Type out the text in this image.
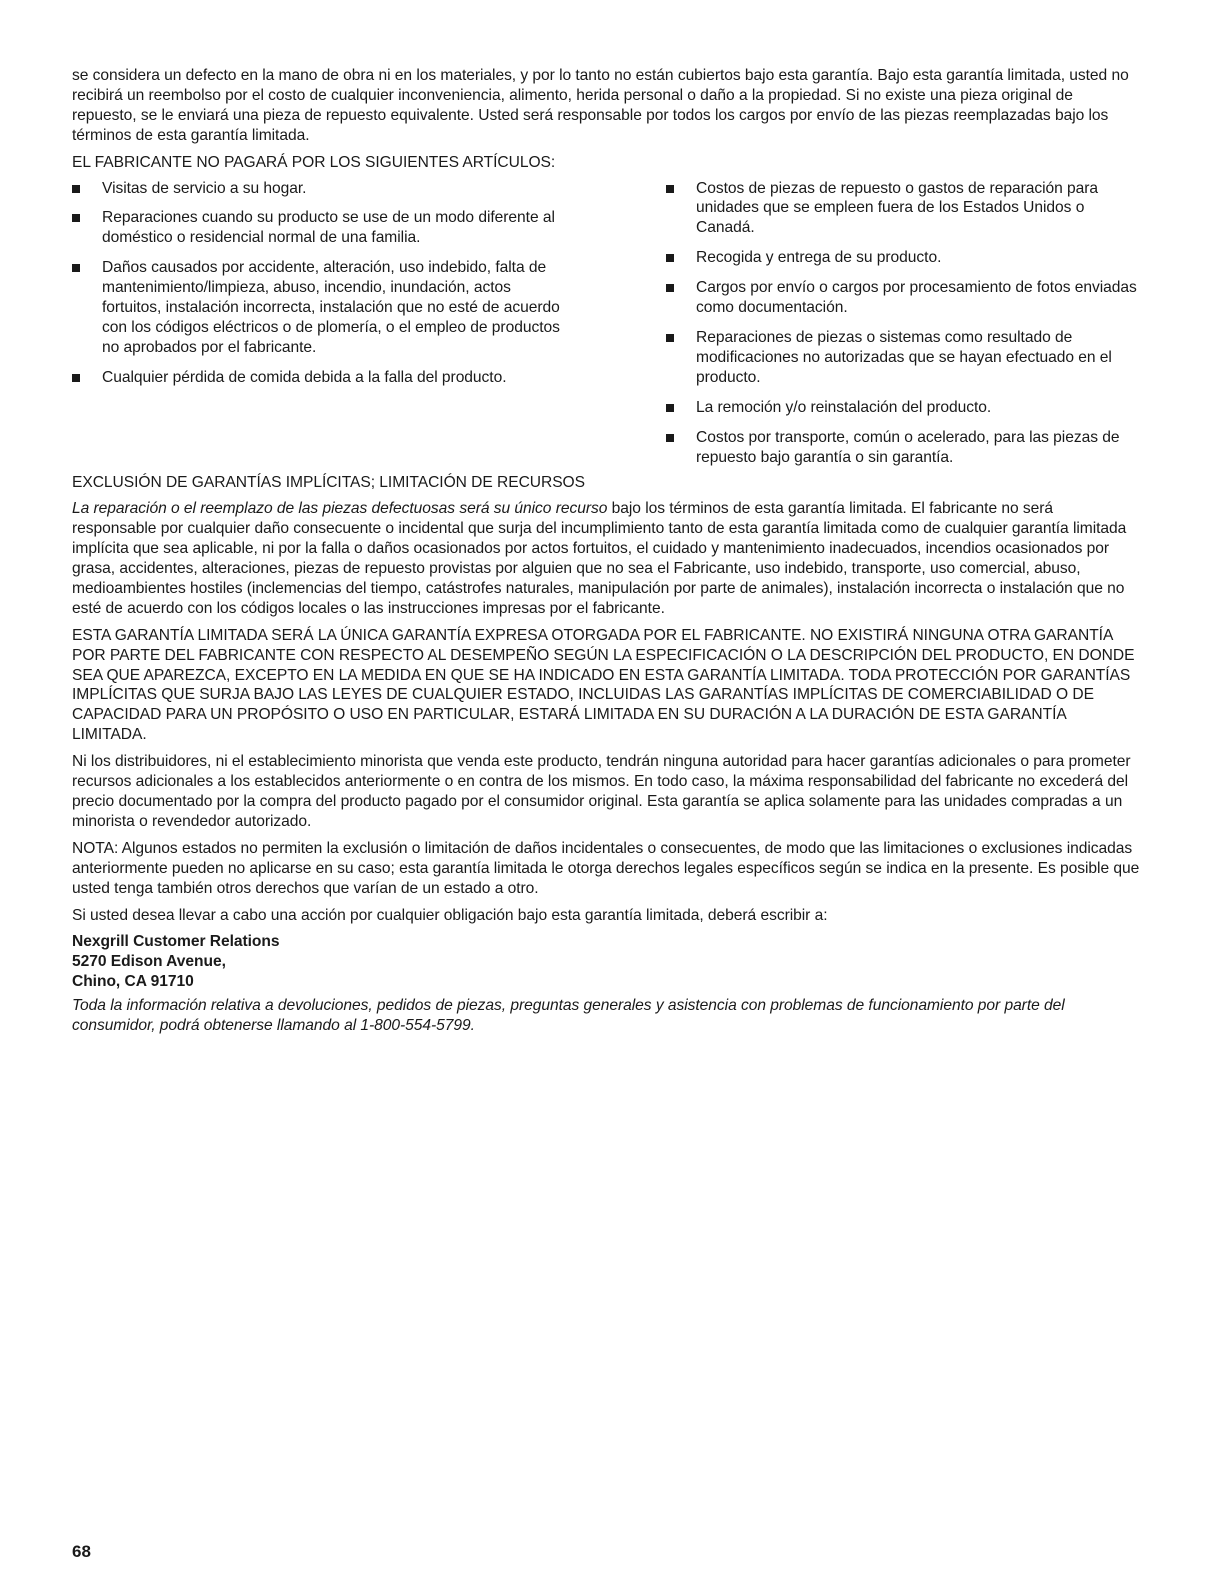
se considera un defecto en la mano de obra ni en los materiales, y por lo tanto no están cubiertos bajo esta garantía. Bajo esta garantía limitada, usted no recibirá un reembolso por el costo de cualquier inconveniencia, alimento, herida personal o daño a la propiedad. Si no existe una pieza original de repuesto, se le enviará una pieza de repuesto equivalente. Usted será responsable por todos los cargos por envío de las piezas reemplazadas bajo los términos de esta garantía limitada.

EL FABRICANTE NO PAGARÁ POR LOS SIGUIENTES ARTÍCULOS:

Visitas de servicio a su hogar.
Reparaciones cuando su producto se use de un modo diferente al doméstico o residencial normal de una familia.
Daños causados por accidente, alteración, uso indebido, falta de mantenimiento/limpieza, abuso, incendio, inundación, actos fortuitos, instalación incorrecta, instalación que no esté de acuerdo con los códigos eléctricos o de plomería, o el empleo de productos no aprobados por el fabricante.
Cualquier pérdida de comida debida a la falla del producto.
Costos de piezas de repuesto o gastos de reparación para unidades que se empleen fuera de los Estados Unidos o Canadá.
Recogida y entrega de su producto.
Cargos por envío o cargos por procesamiento de fotos enviadas como documentación.
Reparaciones de piezas o sistemas como resultado de modificaciones no autorizadas que se hayan efectuado en el producto.
La remoción y/o reinstalación del producto.
Costos por transporte, común o acelerado, para las piezas de repuesto bajo garantía o sin garantía.

EXCLUSIÓN DE GARANTÍAS IMPLÍCITAS; LIMITACIÓN DE RECURSOS

La reparación o el reemplazo de las piezas defectuosas será su único recurso bajo los términos de esta garantía limitada. El fabricante no será responsable por cualquier daño consecuente o incidental que surja del incumplimiento tanto de esta garantía limitada como de cualquier garantía limitada implícita que sea aplicable, ni por la falla o daños ocasionados por actos fortuitos, el cuidado y mantenimiento inadecuados, incendios ocasionados por grasa, accidentes, alteraciones, piezas de repuesto provistas por alguien que no sea el Fabricante, uso indebido, transporte, uso comercial, abuso, medioambientes hostiles (inclemencias del tiempo, catástrofes naturales, manipulación por parte de animales), instalación incorrecta o instalación que no esté de acuerdo con los códigos locales o las instrucciones impresas por el fabricante.

ESTA GARANTÍA LIMITADA SERÁ LA ÚNICA GARANTÍA EXPRESA OTORGADA POR EL FABRICANTE. NO EXISTIRÁ NINGUNA OTRA GARANTÍA POR PARTE DEL FABRICANTE CON RESPECTO AL DESEMPEÑO SEGÚN LA ESPECIFICACIÓN O LA DESCRIPCIÓN DEL PRODUCTO, EN DONDE SEA QUE APAREZCA, EXCEPTO EN LA MEDIDA EN QUE SE HA INDICADO EN ESTA GARANTÍA LIMITADA. TODA PROTECCIÓN POR GARANTÍAS IMPLÍCITAS QUE SURJA BAJO LAS LEYES DE CUALQUIER ESTADO, INCLUIDAS LAS GARANTÍAS IMPLÍCITAS DE COMERCIABILIDAD O DE CAPACIDAD PARA UN PROPÓSITO O USO EN PARTICULAR, ESTARÁ LIMITADA EN SU DURACIÓN A LA DURACIÓN DE ESTA GARANTÍA LIMITADA.

Ni los distribuidores, ni el establecimiento minorista que venda este producto, tendrán ninguna autoridad para hacer garantías adicionales o para prometer recursos adicionales a los establecidos anteriormente o en contra de los mismos. En todo caso, la máxima responsabilidad del fabricante no excederá del precio documentado por la compra del producto pagado por el consumidor original. Esta garantía se aplica solamente para las unidades compradas a un minorista o revendedor autorizado.

NOTA: Algunos estados no permiten la exclusión o limitación de daños incidentales o consecuentes, de modo que las limitaciones o exclusiones indicadas anteriormente pueden no aplicarse en su caso; esta garantía limitada le otorga derechos legales específicos según se indica en la presente. Es posible que usted tenga también otros derechos que varían de un estado a otro.

Si usted desea llevar a cabo una acción por cualquier obligación bajo esta garantía limitada, deberá escribir a:

Nexgrill Customer Relations
5270 Edison Avenue,
Chino, CA 91710

Toda la información relativa a devoluciones, pedidos de piezas, preguntas generales y asistencia con problemas de funcionamiento por parte del consumidor, podrá obtenerse llamando al 1-800-554-5799.

68
